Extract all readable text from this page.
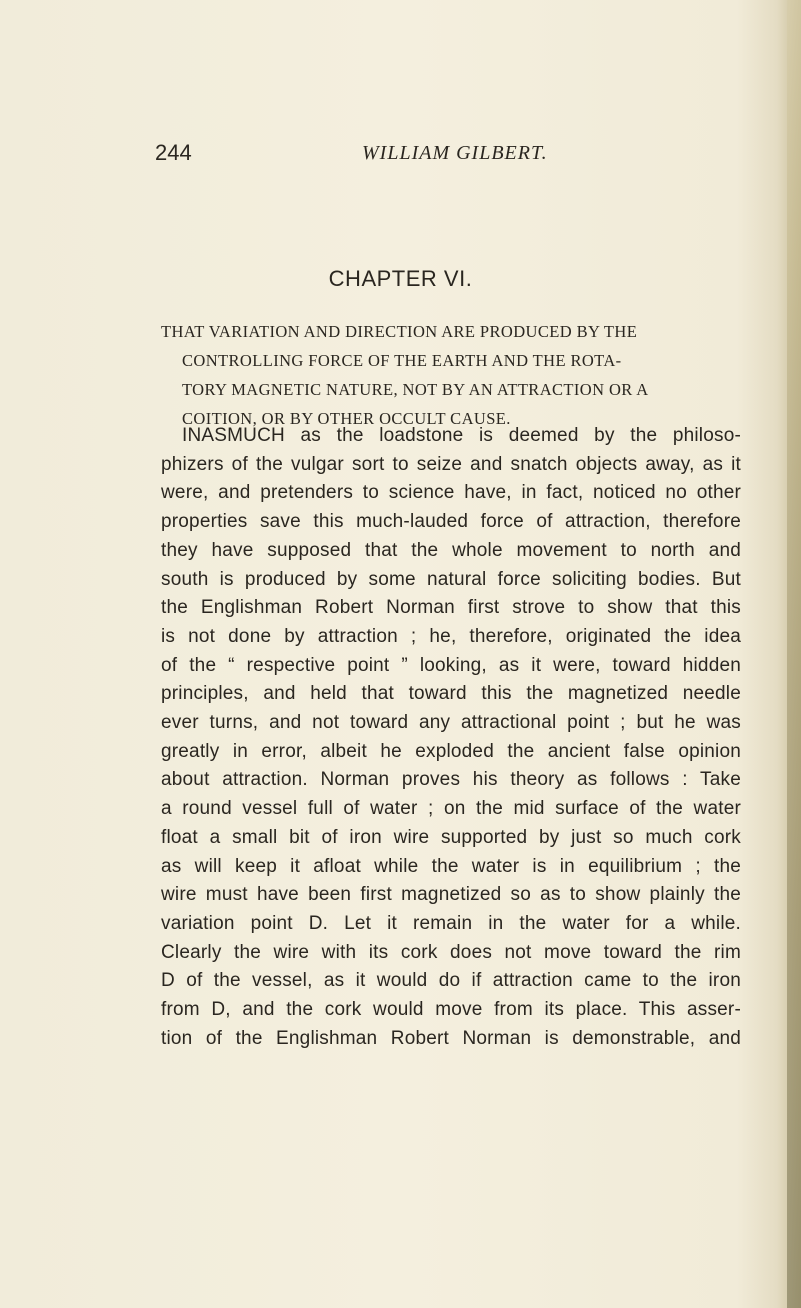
244	WILLIAM GILBERT.
CHAPTER VI.
THAT VARIATION AND DIRECTION ARE PRODUCED BY THE
CONTROLLING FORCE OF THE EARTH AND THE ROTA-
TORY MAGNETIC NATURE, NOT BY AN ATTRACTION OR A
COITION, OR BY OTHER OCCULT CAUSE.
INASMUCH as the loadstone is deemed by the philoso-
phizers of the vulgar sort to seize and snatch objects away, as it
were, and pretenders to science have, in fact, noticed no other
properties save this much-lauded force of attraction, therefore
they have supposed that the whole movement to north and
south is produced by some natural force soliciting bodies. But
the Englishman Robert Norman first strove to show that this
is not done by attraction ; he, therefore, originated the idea
of the “ respective point ” looking, as it were, toward hidden
principles, and held that toward this the magnetized needle
ever turns, and not toward any attractional point ; but he was
greatly in error, albeit he exploded the ancient false opinion
about attraction. Norman proves his theory as follows : Take
a round vessel full of water ; on the mid surface of the water
float a small bit of iron wire supported by just so much cork
as will keep it afloat while the water is in equilibrium ; the
wire must have been first magnetized so as to show plainly the
variation point D. Let it remain in the water for a while.
Clearly the wire with its cork does not move toward the rim
D of the vessel, as it would do if attraction came to the iron
from D, and the cork would move from its place. This asser-
tion of the Englishman Robert Norman is demonstrable, and
